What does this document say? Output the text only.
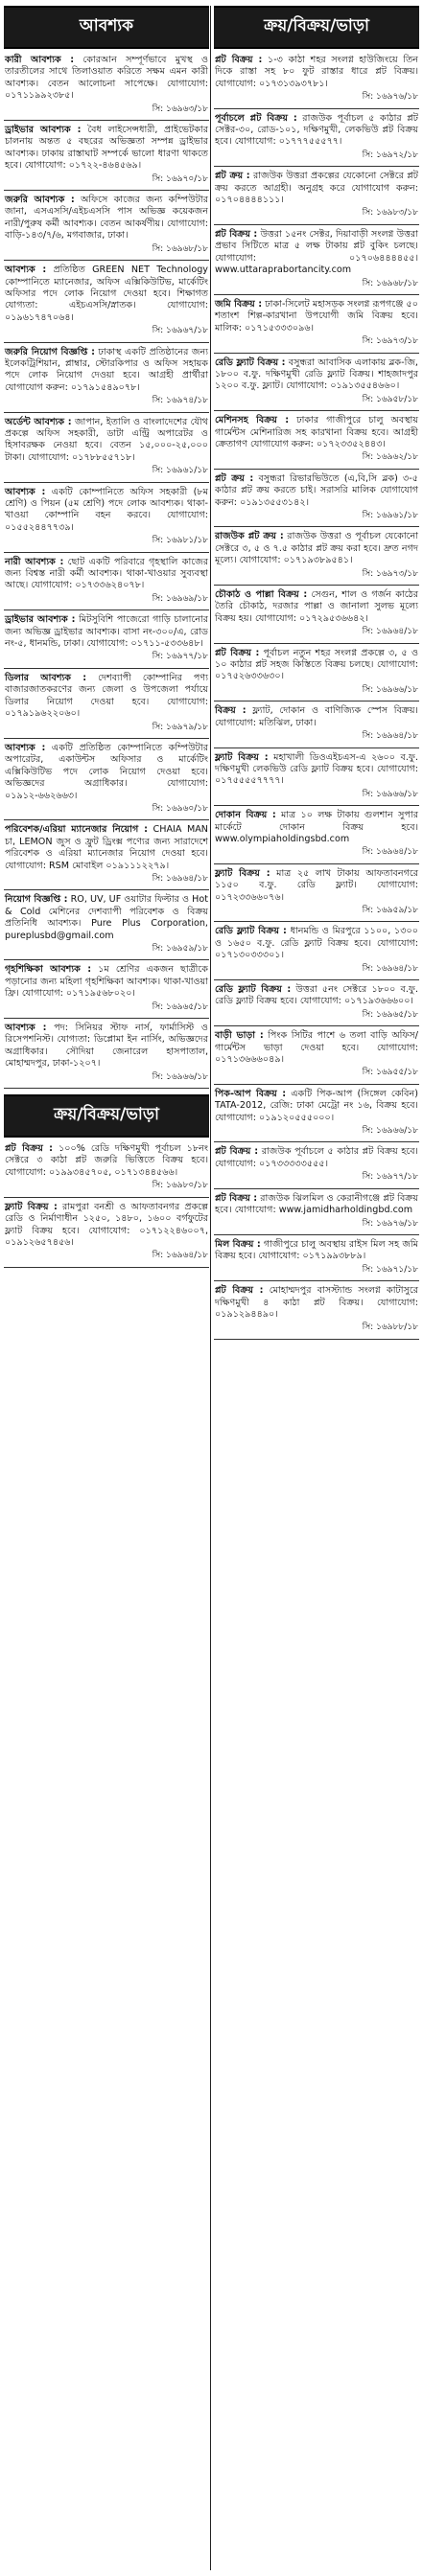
আবশ্যক
কারী আবশ্যক : কোরআন সম্পূর্ণভাবে মুখস্থ ও তারতীলের সাথে তিলাওয়াত করিতে সক্ষম এমন কারী আবশ্যক। বেতন আলোচনা সাপেক্ষে। যোগাযোগ: ০১৭১১৯৯২৩৮৫।
সি: ১৬৯৬৩/১৮
ড্রাইভার আবশ্যক : বৈধ লাইসেন্সধারী, প্রাইভেটকার চালনায় অন্তত ৫ বছরের অভিজ্ঞতা সম্পন্ন ড্রাইভার আবশ্যক। ঢাকায় রাস্তাঘাট সম্পর্কে ভালো ধারণা থাকতে হবে। যোগাযোগ: ০১৭২২-৪৬৪৫৬৯।
সি: ১৬৯৭০/১৮
জরুরি আবশ্যক : অফিসে কাজের জন্য কম্পিউটার জানা, এসএসসি/এইচএসসি পাস অভিজ্ঞ কয়েকজন নারী/পুরুষ কর্মী আবশ্যক। বেতন আকর্ষণীয়। যোগাযোগ: বাড়ি-১৪৩/৭/৬, মগবাজার, ঢাকা।
সি: ১৬৯৬৮/১৮
আবশ্যক : প্রতিষ্ঠিত GREEN NET Technology কোম্পানিতে ম্যানেজার, অফিস এক্সিকিউটিভ, মার্কেটিং অফিসার পদে লোক নিয়োগ দেওয়া হবে। শিক্ষাগত যোগ্যতা: এইচএসসি/স্নাতক। যোগাযোগ: ০১৯৬১৭৪৭০৬৪।
সি: ১৬৯৬৭/১৮
জরুরি নিয়োগ বিজ্ঞপ্তি : ঢাকাস্থ একটি প্রতিষ্ঠানের জন্য ইলেকট্রিশিয়ান, প্লাম্বার, স্টোরকিপার ও অফিস সহায়ক পদে লোক নিয়োগ দেওয়া হবে। আগ্রহী প্রার্থীরা যোগাযোগ করুন: ০১৭৯১৫৪৯০৭৮।
সি: ১৬৯৭৪/১৮
অর্ডেন্ট আবশ্যক : জাপান, ইতালি ও বাংলাদেশের যৌথ প্রকল্পে অফিস সহকারী, ডাটা এন্ট্রি অপারেটর ও হিসাবরক্ষক নেওয়া হবে। বেতন ১৫,০০০-২৫,০০০ টাকা। যোগাযোগ: ০১৭৮৮৫৫৭১৮।
সি: ১৬৯৬১/১৮
আবশ্যক : একটি কোম্পানিতে অফিস সহকারী (৮ম শ্রেণি) ও পিয়ন (৫ম শ্রেণি) পদে লোক আবশ্যক। থাকা-খাওয়া কোম্পানি বহন করবে। যোগাযোগ: ০১৫৫২৪৪৭৭৩৯।
সি: ১৬৯৮১/১৮
নারী আবশ্যক : ছোট একটি পরিবারে গৃহস্থালি কাজের জন্য বিশ্বস্ত নারী কর্মী আবশ্যক। থাকা-খাওয়ার সুব্যবস্থা আছে। যোগাযোগ: ০১৭৩৩৬২৪০৭৮।
সি: ১৬৯৬৯/১৮
ড্রাইভার আবশ্যক : মিটসুবিশি পাজেরো গাড়ি চালানোর জন্য অভিজ্ঞ ড্রাইভার আবশ্যক। বাসা নং-৩০০/এ, রোড নং-৫, ধানমন্ডি, ঢাকা। যোগাযোগ: ০১৭১১-৫৩৩৬৪৮।
সি: ১৬৯৭৭/১৮
ডিলার আবশ্যক : দেশব্যাপী কোম্পানির পণ্য বাজারজাতকরণের জন্য জেলা ও উপজেলা পর্যায়ে ডিলার নিয়োগ দেওয়া হবে। যোগাযোগ: ০১৭৯১৯৬২২০৬০।
সি: ১৬৯৭৯/১৮
আবশ্যক : একটি প্রতিষ্ঠিত কোম্পানিতে কম্পিউটার অপারেটর, একাউন্টস অফিসার ও মার্কেটিং এক্সিকিউটিভ পদে লোক নিয়োগ দেওয়া হবে। অভিজ্ঞদের অগ্রাধিকার। যোগাযোগ: ০১৯১২-৬৬২৬৬৩।
সি: ১৬৯৬০/১৮
পরিবেশক/এরিয়া ম্যানেজার নিয়োগ : CHAIA MAN চা, LEMON জুস ও ফ্রুট ড্রিংক্স পণ্যের জন্য সারাদেশে পরিবেশক ও এরিয়া ম্যানেজার নিয়োগ দেওয়া হবে। যোগাযোগ: RSM মোবাইল ০১৯১১১২২৭৯।
সি: ১৬৯৬৪/১৮
নিয়োগ বিজ্ঞপ্তি : RO, UV, UF ওয়াটার ফিল্টার ও Hot & Cold মেশিনের দেশব্যাপী পরিবেশক ও বিক্রয় প্রতিনিধি আবশ্যক। Pure Plus Corporation, pureplusbd@gmail.com
সি: ১৬৯৫৯/১৮
গৃহশিক্ষিকা আবশ্যক : ১ম শ্রেণির একজন ছাত্রীকে পড়ানোর জন্য মহিলা গৃহশিক্ষিকা আবশ্যক। থাকা-খাওয়া ফ্রি। যোগাযোগ: ০১৭১৯৫৬৮০২০।
সি: ১৬৯৬৫/১৮
আবশ্যক : পদ: সিনিয়র স্টাফ নার্স, ফার্মাসিস্ট ও রিসেপশনিস্ট। যোগ্যতা: ডিপ্লোমা ইন নার্সিং, অভিজ্ঞদের অগ্রাধিকার। সৌদিয়া জেনারেল হাসপাতাল, মোহাম্মদপুর, ঢাকা-১২০৭।
সি: ১৬৯৬৬/১৮
ক্রয়/বিক্রয়/ভাড়া
প্লট বিক্রয় : ১০০% রেডি দক্ষিণমুখী পূর্বাচল ১৮নং সেক্টরে ৩ কাঠা প্লট জরুরি ভিত্তিতে বিক্রয় হবে। যোগাযোগ: ০১৯৯৩৪৫৭০৫, ০১৭১৩৪৪৫৬৬।
সি: ১৬৯৮০/১৮
ফ্ল্যাট বিক্রয় : রামপুরা বনশ্রী ও আফতাবনগর প্রকল্পে রেডি ও নির্মাণাধীন ১২৫০, ১৪৮০, ১৬০০ বর্গফুটের ফ্ল্যাট বিক্রয় হবে। যোগাযোগ: ০১৭১২২৪৬০০৭, ০১৯১২৬৫৭৪৫৬।
সি: ১৬৯৬৪/১৮
ক্রয়/বিক্রয়/ভাড়া
প্লট বিক্রয় : ১-৩ কাঠা শহর সংলগ্ন হাউজিংয়ে তিন দিকে রাস্তা সহ ৮০ ফুট রাস্তার ধারে প্লট বিক্রয়। যোগাযোগ: ০১৭৩১৩৯৩৭৮১।
সি: ১৬৯৭৬/১৮
পূর্বাচলে প্লট বিক্রয় : রাজউক পূর্বাচল ৫ কাঠার প্লট সেক্টর-৩০, রোড-১০১, দক্ষিণমুখী, লেকভিউ প্লট বিক্রয় হবে। যোগাযোগ: ০১৭৭৭৫৫৫৭৭।
সি: ১৬৯৭২/১৮
প্লট ক্রয় : রাজউক উত্তরা প্রকল্পের যেকোনো সেক্টরে প্লট ক্রয় করতে আগ্রহী। অনুগ্রহ করে যোগাযোগ করুন: ০১৭০৪৪৪৪১১১।
সি: ১৬৯৮৩/১৮
প্লট বিক্রয় : উত্তরা ১৫নং সেক্টর, দিয়াবাড়ী সংলগ্ন উত্তরা প্রভাব সিটিতে মাত্র ৫ লক্ষ টাকায় প্লট বুকিং চলছে। যোগাযোগ: ০১৭০৬৪৪৪৪৫৫। www.uttaraprabortancity.com
সি: ১৬৯৬৮/১৮
জমি বিক্রয় : ঢাকা-সিলেট মহাসড়ক সংলগ্ন রূপগঞ্জে ৫০ শতাংশ শিল্প-কারখানা উপযোগী জমি বিক্রয় হবে। মালিক: ০১৭১৫৩৩৩০৯৬।
সি: ১৬৯৭৩/১৮
রেডি ফ্ল্যাট বিক্রয় : বসুন্ধরা আবাসিক এলাকায় ব্লক-জি, ১৮০০ ব.ফু. দক্ষিণমুখী রেডি ফ্ল্যাট বিক্রয়। শাহজাদপুর ১২০০ ব.ফু. ফ্ল্যাট। যোগাযোগ: ০১৯১৩৫৫৪৬৬০।
সি: ১৬৯৫৮/১৮
মেশিনসহ বিক্রয় : ঢাকার গাজীপুরে চালু অবস্থায় গার্মেন্টস মেশিনারিজ সহ কারখানা বিক্রয় হবে। আগ্রহী ক্রেতাগণ যোগাযোগ করুন: ০১৭২৩৩৫২৪৪৩।
সি: ১৬৯৬২/১৮
প্লট ক্রয় : বসুন্ধরা রিভারভিউতে (এ,বি,সি ব্লক) ৩-৫ কাঠার প্লট ক্রয় করতে চাই। সরাসরি মালিক যোগাযোগ করুন: ০১৯১৩৫৫৩১৪২।
সি: ১৬৯৬১/১৮
রাজউক প্লট ক্রয় : রাজউক উত্তরা ও পূর্বাচল যেকোনো সেক্টরে ৩, ৫ ও ৭.৫ কাঠার প্লট ক্রয় করা হবে। দ্রুত নগদ মূল্যে। যোগাযোগ: ০১৭১৯৩৮৯৫৪১।
সি: ১৬৯৭৩/১৮
চৌকাঠ ও পাল্লা বিক্রয় : সেগুন, শাল ও গর্জন কাঠের তৈরি চৌকাঠ, দরজার পাল্লা ও জানালা সুলভ মূল্যে বিক্রয় হয়। যোগাযোগ: ০১৭২৯৫৩৬৬৪২।
সি: ১৬৯৬৪/১৮
প্লট বিক্রয় : পূর্বাচল নতুন শহর সংলগ্ন প্রকল্পে ৩, ৫ ও ১০ কাঠার প্লট সহজ কিস্তিতে বিক্রয় চলছে। যোগাযোগ: ০১৭৫২৬৩৩৬৩০।
সি: ১৬৯৬৬/১৮
বিক্রয় : ফ্ল্যাট, দোকান ও বাণিজ্যিক স্পেস বিক্রয়। যোগাযোগ: মতিঝিল, ঢাকা।
সি: ১৬৯৬৪/১৮
ফ্ল্যাট বিক্রয় : মহাখালী ডিওএইচএস-এ ২৬০০ ব.ফু. দক্ষিণমুখী লেকভিউ রেডি ফ্ল্যাট বিক্রয় হবে। যোগাযোগ: ০১৭৫৫৫৫৭৭৭৭।
সি: ১৬৯৬৬/১৮
দোকান বিক্রয় : মাত্র ১০ লক্ষ টাকায় গুলশান সুপার মার্কেটে দোকান বিক্রয় হবে। www.olympiaholdingsbd.com
সি: ১৬৯৬৪/১৮
ফ্ল্যাট বিক্রয় : মাত্র ২৫ লাখ টাকায় আফতাবনগরে ১১৫০ ব.ফু. রেডি ফ্ল্যাট। যোগাযোগ: ০১৭২৩৩৬৬০৭৬।
সি: ১৬৯৫৯/১৮
রেডি ফ্ল্যাট বিক্রয় : ধানমন্ডি ও মিরপুরে ১১০০, ১৩০০ ও ১৬৫০ ব.ফু. রেডি ফ্ল্যাট বিক্রয় হবে। যোগাযোগ: ০১৭১৩০৩৩৩০১।
সি: ১৬৯৬৪/১৮
রেডি ফ্ল্যাট বিক্রয় : উত্তরা ৫নং সেক্টরে ১৮০০ ব.ফু. রেডি ফ্ল্যাট বিক্রয় হবে। যোগাযোগ: ০১৭১৯৩৬৬৬০০।
সি: ১৬৯৬৫/১৮
বাড়ী ভাড়া : পিংক সিটির পাশে ৬ তলা বাড়ি অফিস/গার্মেন্টস ভাড়া দেওয়া হবে। যোগাযোগ: ০১৭১৩৬৬৬০৪৯।
সি: ১৬৯৫৫/১৮
পিক-আপ বিক্রয় : একটি পিক-আপ (সিঙ্গেল কেবিন) TATA-2012, রেজি: ঢাকা মেট্রো নং ১৬, বিক্রয় হবে। যোগাযোগ: ০১৯১২০৫৫৫০০০।
সি: ১৬৯৬৬/১৮
প্লট বিক্রয় : রাজউক পূর্বাচলে ৫ কাঠার প্লট বিক্রয় হবে। যোগাযোগ: ০১৭৩৩৩৩৩৫৫৫।
সি: ১৬৯৭৭/১৮
প্লট বিক্রয় : রাজউক ঝিলমিল ও কেরানীগঞ্জে প্লট বিক্রয় হবে। যোগাযোগ: www.jamidharholdingbd.com
সি: ১৬৯৭৬/১৮
মিল বিক্রয় : গাজীপুরে চালু অবস্থায় রাইস মিল সহ জমি বিক্রয় হবে। যোগাযোগ: ০১৭১৯৯৩৮৮৯।
সি: ১৬৯৭১/১৮
প্লট বিক্রয় : মোহাম্মদপুর বাসস্ট্যান্ড সংলগ্ন কাটাসুরে দক্ষিণমুখী ৪ কাঠা প্লট বিক্রয়। যোগাযোগ: ০১৯১২৯৪৪৯০।
সি: ১৬৯৮৮/১৮
